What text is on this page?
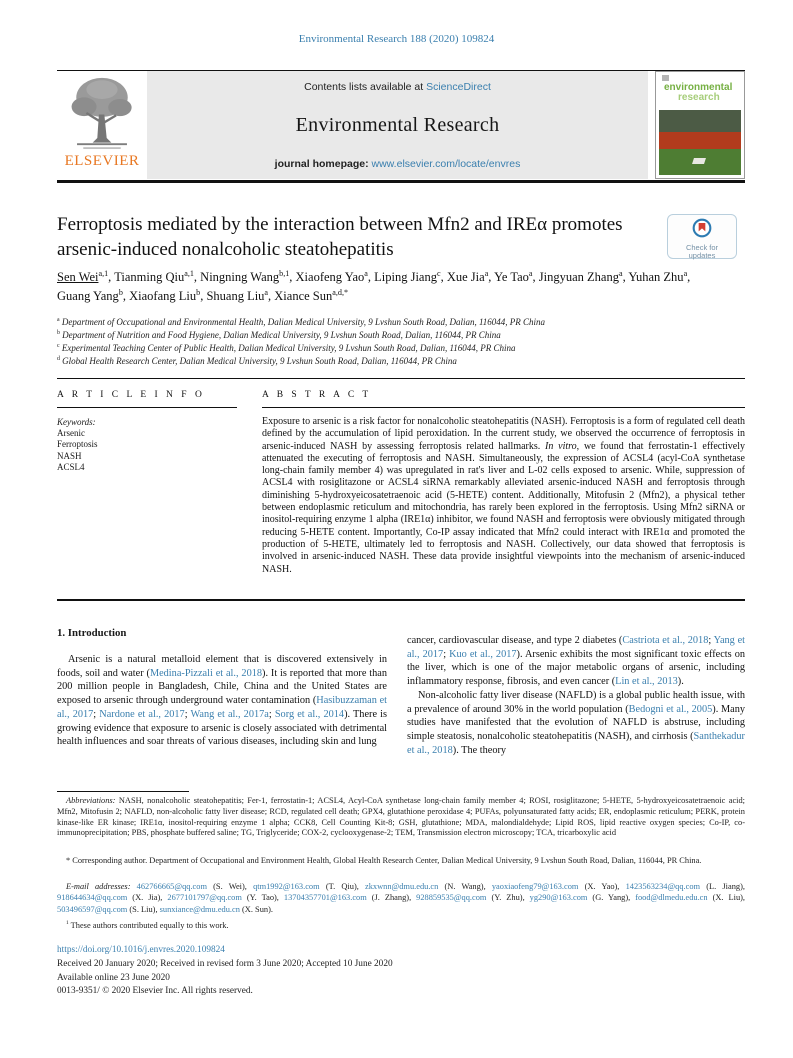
Environmental Research 188 (2020) 109824
ELSEVIER
Contents lists available at ScienceDirect
Environmental Research
journal homepage: www.elsevier.com/locate/envres
environmental
research
Ferroptosis mediated by the interaction between Mfn2 and IREα promotes arsenic-induced nonalcoholic steatohepatitis	Check for
updates
Sen Wei$^{a,1}$, Tianming Qiu$^{a,1}$, Ningning Wang$^{b,1}$, Xiaofeng Yao$^a$, Liping Jiang$^c$, Xue Jia$^a$, Ye Tao$^a$, Jingyuan Zhang$^a$, Yuhan Zhu$^a$, Guang Yang$^b$, Xiaofang Liu$^b$, Shuang Liu$^a$, Xiance Sun$^{a,d,*}$
$^a$ Department of Occupational and Environmental Health, Dalian Medical University, 9 Lvshun South Road, Dalian, 116044, PR China
$^b$ Department of Nutrition and Food Hygiene, Dalian Medical University, 9 Lvshun South Road, Dalian, 116044, PR China
$^c$ Experimental Teaching Center of Public Health, Dalian Medical University, 9 Lvshun South Road, Dalian, 116044, PR China
$^d$ Global Health Research Center, Dalian Medical University, 9 Lvshun South Road, Dalian, 116044, PR China
A R T I C L E I N F O
Keywords:
Arsenic
Ferroptosis
NASH
ACSL4
A B S T R A C T
Exposure to arsenic is a risk factor for nonalcoholic steatohepatitis (NASH). Ferroptosis is a form of regulated cell death defined by the accumulation of lipid peroxidation. In the current study, we observed the occurrence of ferroptosis in arsenic-induced NASH by assessing ferroptosis related hallmarks. In vitro, we found that ferrostatin-1 effectively attenuated the executing of ferroptosis and NASH. Simultaneously, the expression of ACSL4 (acyl-CoA synthetase long-chain family member 4) was upregulated in rat's liver and L-02 cells exposed to arsenic. While, suppression of ACSL4 with rosiglitazone or ACSL4 siRNA remarkably alleviated arsenic-induced NASH and ferroptosis through diminishing 5-hydroxyeicosatetraenoic acid (5-HETE) content. Additionally, Mitofusin 2 (Mfn2), a physical tether between endoplasmic reticulum and mitochondria, has rarely been explored in the ferroptosis. Using Mfn2 siRNA or inositol-requiring enzyme 1 alpha (IRE1α) inhibitor, we found NASH and ferroptosis were obviously mitigated through reducing 5-HETE content. Importantly, Co-IP assay indicated that Mfn2 could interact with IRE1α and promoted the production of 5-HETE, ultimately led to ferroptosis and NASH. Collectively, our data showed that ferroptosis is involved in arsenic-induced NASH. These data provide insightful viewpoints into the mechanism of arsenic-induced NASH.
1. Introduction

Arsenic is a natural metalloid element that is discovered extensively in foods, soil and water (Medina-Pizzali et al., 2018). It is reported that more than 200 million people in Bangladesh, Chile, China and the United States are exposed to arsenic through underground water contamination (Hasibuzzaman et al., 2017; Nardone et al., 2017; Wang et al., 2017a; Sorg et al., 2014). There is growing evidence that exposure to arsenic is closely associated with detrimental health influences and soar threats of various diseases, including skin and lung

cancer, cardiovascular disease, and type 2 diabetes (Castriota et al., 2018; Yang et al., 2017; Kuo et al., 2017). Arsenic exhibits the most significant toxic effects on the liver, which is one of the major metabolic organs of arsenic, including inflammatory response, fibrosis, and even cancer (Lin et al., 2013).

Non-alcoholic fatty liver disease (NAFLD) is a global public health issue, with a prevalence of around 30% in the world population (Bedogni et al., 2005). Many studies have manifested that the evolution of NAFLD is abstruse, including simple steatosis, nonalcoholic steatohepatitis (NASH), and cirrhosis (Santhekadur et al., 2018). The theory

Abbreviations: NASH, nonalcoholic steatohepatitis; Fer-1, ferrostatin-1; ACSL4, Acyl-CoA synthetase long-chain family member 4; ROSI, rosiglitazone; 5-HETE, 5-hydroxyeicosatetraenoic acid; Mfn2, Mitofusin 2; NAFLD, non-alcoholic fatty liver disease; RCD, regulated cell death; GPX4, glutathione peroxidase 4; PUFAs, polyunsaturated fatty acids; ER, endoplasmic reticulum; PERK, protein kinase-like ER kinase; IRE1α, inositol-requiring enzyme 1 alpha; CCK8, Cell Counting Kit-8; GSH, glutathione; MDA, malondialdehyde; Lipid ROS, lipid reactive oxygen species; Co-IP, co-immunoprecipitation; PBS, phosphate buffered saline; TG, Triglyceride; COX-2, cyclooxygenase-2; TEM, Transmission electron microscopy; TCA, tricarboxylic acid
* Corresponding author. Department of Occupational and Environment Health, Global Health Research Center, Dalian Medical University, 9 Lvshun South Road, Dalian, 116044, PR China.
E-mail addresses: 462766665@qq.com (S. Wei), qtm1992@163.com (T. Qiu), zkxwnn@dmu.edu.cn (N. Wang), yaoxiaofeng79@163.com (X. Yao), 1423563234@qq.com (L. Jiang), 918644634@qq.com (X. Jia), 2677101797@qq.com (Y. Tao), 13704357701@163.com (J. Zhang), 928859535@qq.com (Y. Zhu), yg290@163.com (G. Yang), food@dlmedu.edu.cn (X. Liu), 503496597@qq.com (S. Liu), sunxiance@dmu.edu.cn (X. Sun).
$^1$ These authors contributed equally to this work.
https://doi.org/10.1016/j.envres.2020.109824
Received 20 January 2020; Received in revised form 3 June 2020; Accepted 10 June 2020
Available online 23 June 2020
0013-9351/ © 2020 Elsevier Inc. All rights reserved.
